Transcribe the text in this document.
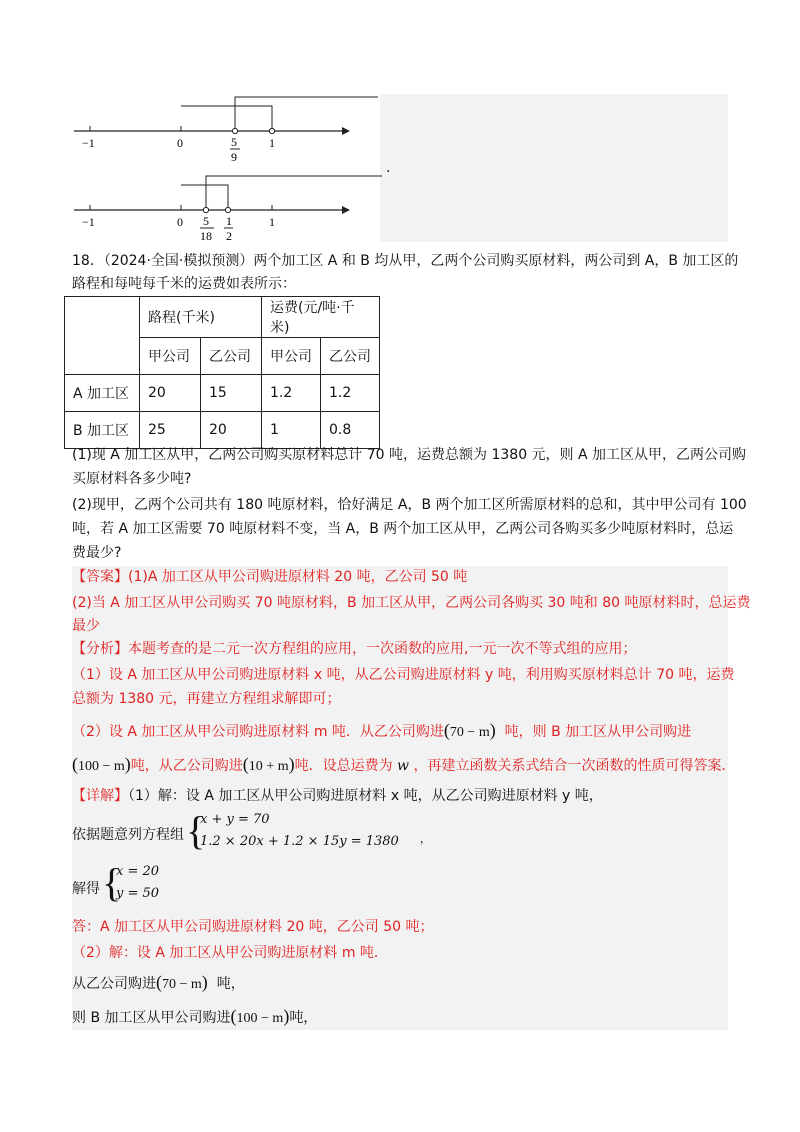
−1	0	5
9
1
−1	0 5
18
1
2
1
.
18．（2024·全国·模拟预测）两个加工区 A 和 B 均从甲，乙两个公司购买原材料，两公司到 A，B 加工区的
路程和每吨每千米的运费如表所示：
	路程(千米)		运费(元/吨·千米)	
	甲公司	乙公司	甲公司	乙公司
A 加工区	20	15	1.2	1.2
B 加工区	25	20	1	0.8
(1)现 A 加工区从甲，乙两公司购买原材料总计 70 吨，运费总额为 1380 元，则 A 加工区从甲，乙两公司购
买原材料各多少吨?
(2)现甲，乙两个公司共有 180 吨原材料，恰好满足 A，B 两个加工区所需原材料的总和，其中甲公司有 100
吨，若 A 加工区需要 70 吨原材料不变，当 A，B 两个加工区从甲，乙两公司各购买多少吨原材料时，总运
费最少?
【答案】(1)A 加工区从甲公司购进原材料 20 吨，乙公司 50 吨
(2)当 A 加工区从甲公司购买 70 吨原材料，B 加工区从甲，乙两公司各购买 30 吨和 80 吨原材料时，总运费
最少
【分析】本题考查的是二元一次方程组的应用，一次函数的应用,一元一次不等式组的应用；
（1）设 A 加工区从甲公司购进原材料 x 吨，从乙公司购进原材料 y 吨，利用购买原材料总计 70 吨，运费
总额为 1380 元，再建立方程组求解即可；
（2）设 A 加工区从甲公司购进原材料 m 吨．从乙公司购进(70 − m) 吨，则 B 加工区从甲公司购进
(100 − m)吨，从乙公司购进(10 + m)吨．设总运费为 w ，再建立函数关系式结合一次函数的性质可得答案．
【详解】（1）解：设 A 加工区从甲公司购进原材料 x 吨，从乙公司购进原材料 y 吨，
依据题意列方程组 {
x + y = 70
1.2 × 20x + 1.2 × 15y = 1380 ，
解得 {
x = 20
y = 50
答：A 加工区从甲公司购进原材料 20 吨，乙公司 50 吨；
（2）解：设 A 加工区从甲公司购进原材料 m 吨．
从乙公司购进(70 − m) 吨，
则 B 加工区从甲公司购进(100 − m)吨，
